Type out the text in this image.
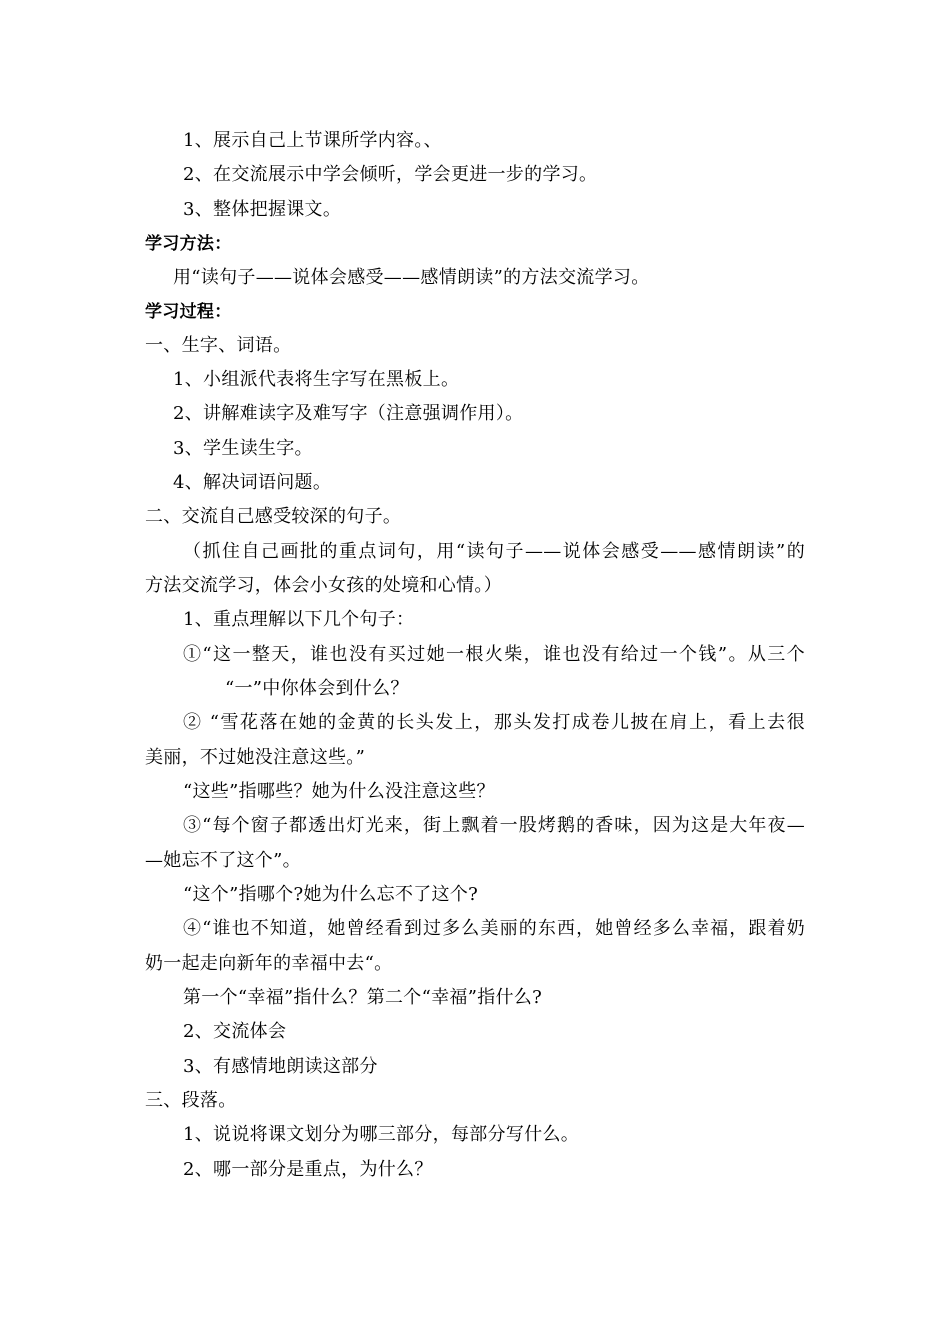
1、展示自己上节课所学内容。、
2、在交流展示中学会倾听，学会更进一步的学习。
3、整体把握课文。
学习方法：
用“读句子——说体会感受——感情朗读”的方法交流学习。
学习过程：
一、生字、词语。
1、小组派代表将生字写在黑板上。
2、讲解难读字及难写字（注意强调作用）。
3、学生读生字。
4、解决词语问题。
二、交流自己感受较深的句子。
（抓住自己画批的重点词句，用“读句子——说体会感受——感情朗读”的
方法交流学习，体会小女孩的处境和心情。）
1、重点理解以下几个句子：
①“这一整天，谁也没有买过她一根火柴，谁也没有给过一个钱”。从三个
“一”中你体会到什么？
② “雪花落在她的金黄的长头发上，那头发打成卷儿披在肩上，看上去很
美丽，不过她没注意这些。”
“这些”指哪些？她为什么没注意这些？
③“每个窗子都透出灯光来，街上飘着一股烤鹅的香味，因为这是大年夜—
—她忘不了这个”。
“这个”指哪个?她为什么忘不了这个?
④“谁也不知道，她曾经看到过多么美丽的东西，她曾经多么幸福，跟着奶
奶一起走向新年的幸福中去“。
第一个“幸福”指什么？第二个“幸福”指什么?
2、交流体会
3、有感情地朗读这部分
三、段落。
1、说说将课文划分为哪三部分，每部分写什么。
2、哪一部分是重点，为什么？
